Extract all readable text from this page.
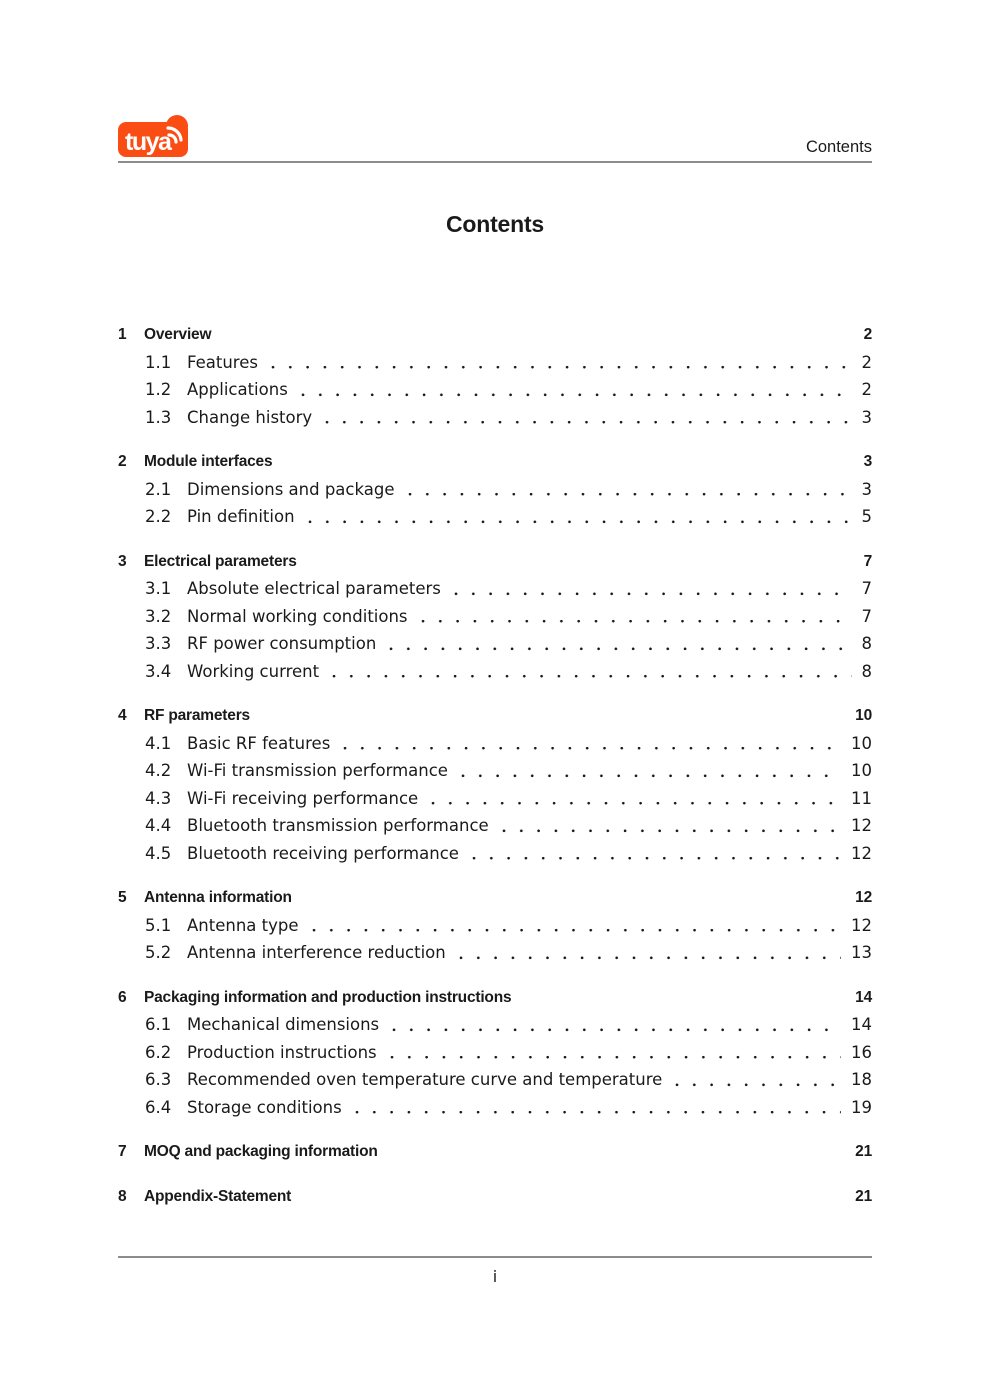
tuya	Contents
Contents
1	Overview	2
1.1 Features	2
1.2 Applications	2
1.3 Change history	3
2	Module interfaces	3
2.1 Dimensions and package	3
2.2 Pin definition	5
3	Electrical parameters	7
3.1 Absolute electrical parameters	7
3.2 Normal working conditions	7
3.3 RF power consumption	8
3.4 Working current	8
4	RF parameters	10
4.1 Basic RF features	10
4.2 Wi-Fi transmission performance	10
4.3 Wi-Fi receiving performance	11
4.4 Bluetooth transmission performance	12
4.5 Bluetooth receiving performance	12
5	Antenna information	12
5.1 Antenna type	12
5.2 Antenna interference reduction	13
6	Packaging information and production instructions	14
6.1 Mechanical dimensions	14
6.2 Production instructions	16
6.3 Recommended oven temperature curve and temperature	18
6.4 Storage conditions	19
7	MOQ and packaging information	21
8	Appendix-Statement	21
i
